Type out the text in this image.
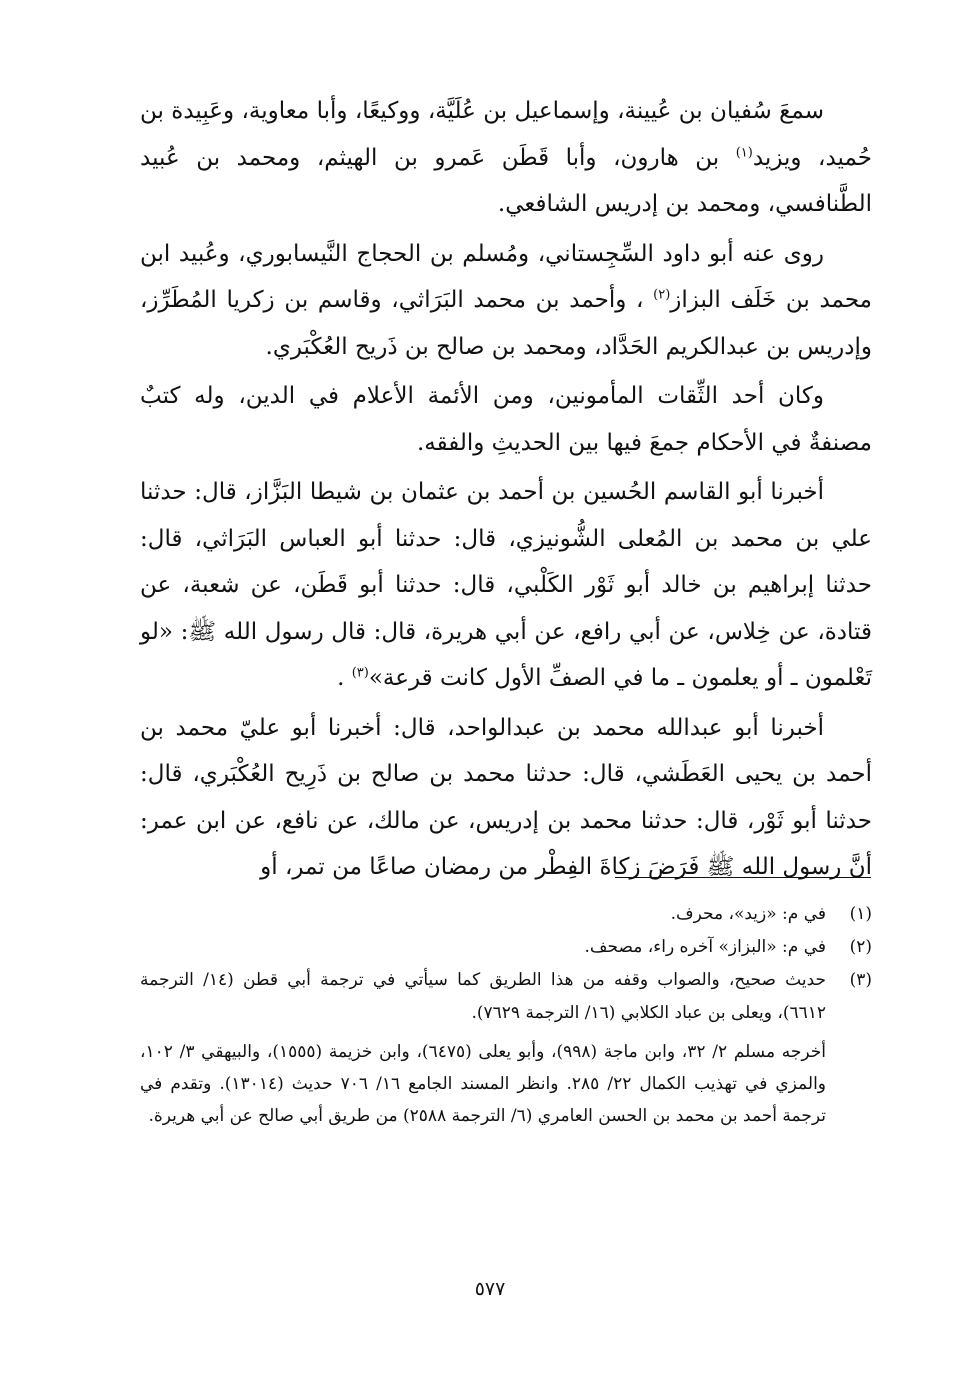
سمعَ سُفيان بن عُيينة، وإسماعيل بن عُلَيَّة، ووكيعًا، وأبا معاوية، وعَبِيدة بن حُميد، ويزيد$^{(١)}$ بن هارون، وأبا قَطَن عَمرو بن الهيثم، ومحمد بن عُبيد الطَّنافسي، ومحمد بن إدريس الشافعي.

روى عنه أبو داود السِّجِستاني، ومُسلم بن الحجاج النَّيسابوري، وعُبيد ابن محمد بن خَلَف البزاز$^{(٢)}$ ، وأحمد بن محمد البَرَاثي، وقاسم بن زكريا المُطَرِّز، وإدريس بن عبدالكريم الحَدَّاد، ومحمد بن صالح بن ذَريح العُكْبَري.

وكان أحد الثِّقات المأمونين، ومن الأئمة الأعلام في الدين، وله كتبٌ مصنفةٌ في الأحكام جمعَ فيها بين الحديثِ والفقه.

أخبرنا أبو القاسم الحُسين بن أحمد بن عثمان بن شيطا البَزَّاز، قال: حدثنا علي بن محمد بن المُعلى الشُّونيزي، قال: حدثنا أبو العباس البَرَاثي، قال: حدثنا إبراهيم بن خالد أبو ثَوْر الكَلْبي، قال: حدثنا أبو قَطَن، عن شعبة، عن قتادة، عن خِلاس، عن أبي رافع، عن أبي هريرة، قال: قال رسول الله ﷺ: «لو تَعْلمون ـ أو يعلمون ـ ما في الصفِّ الأول كانت قرعة»$^{(٣)}$ .

أخبرنا أبو عبدالله محمد بن عبدالواحد، قال: أخبرنا أبو عليّ محمد بن أحمد بن يحيى العَطَشي، قال: حدثنا محمد بن صالح بن ذَرِيح العُكْبَري، قال: حدثنا أبو ثَوْر، قال: حدثنا محمد بن إدريس، عن مالك، عن نافع، عن ابن عمر: أنَّ رسول الله ﷺ فَرَضَ زكاةَ الفِطْر من رمضان صاعًا من تمر، أو

(١)
في م: «زيد»، محرف.
(٢)
في م: «البزاز» آخره راء، مصحف.
(٣)
حديث صحيح، والصواب وقفه من هذا الطريق كما سيأتي في ترجمة أبي قطن (١٤/ الترجمة ٦٦١٢)، ويعلى بن عباد الكلابي (١٦/ الترجمة ٧٦٢٩).
أخرجه مسلم ٢/ ٣٢، وابن ماجة (٩٩٨)، وأبو يعلى (٦٤٧٥)، وابن خزيمة (١٥٥٥)، والبيهقي ٣/ ١٠٢، والمزي في تهذيب الكمال ٢٢/ ٢٨٥. وانظر المسند الجامع ١٦/ ٧٠٦ حديث (١٣٠١٤). وتقدم في ترجمة أحمد بن محمد بن الحسن العامري (٦/ الترجمة ٢٥٨٨) من طريق أبي صالح عن أبي هريرة.
٥٧٧
